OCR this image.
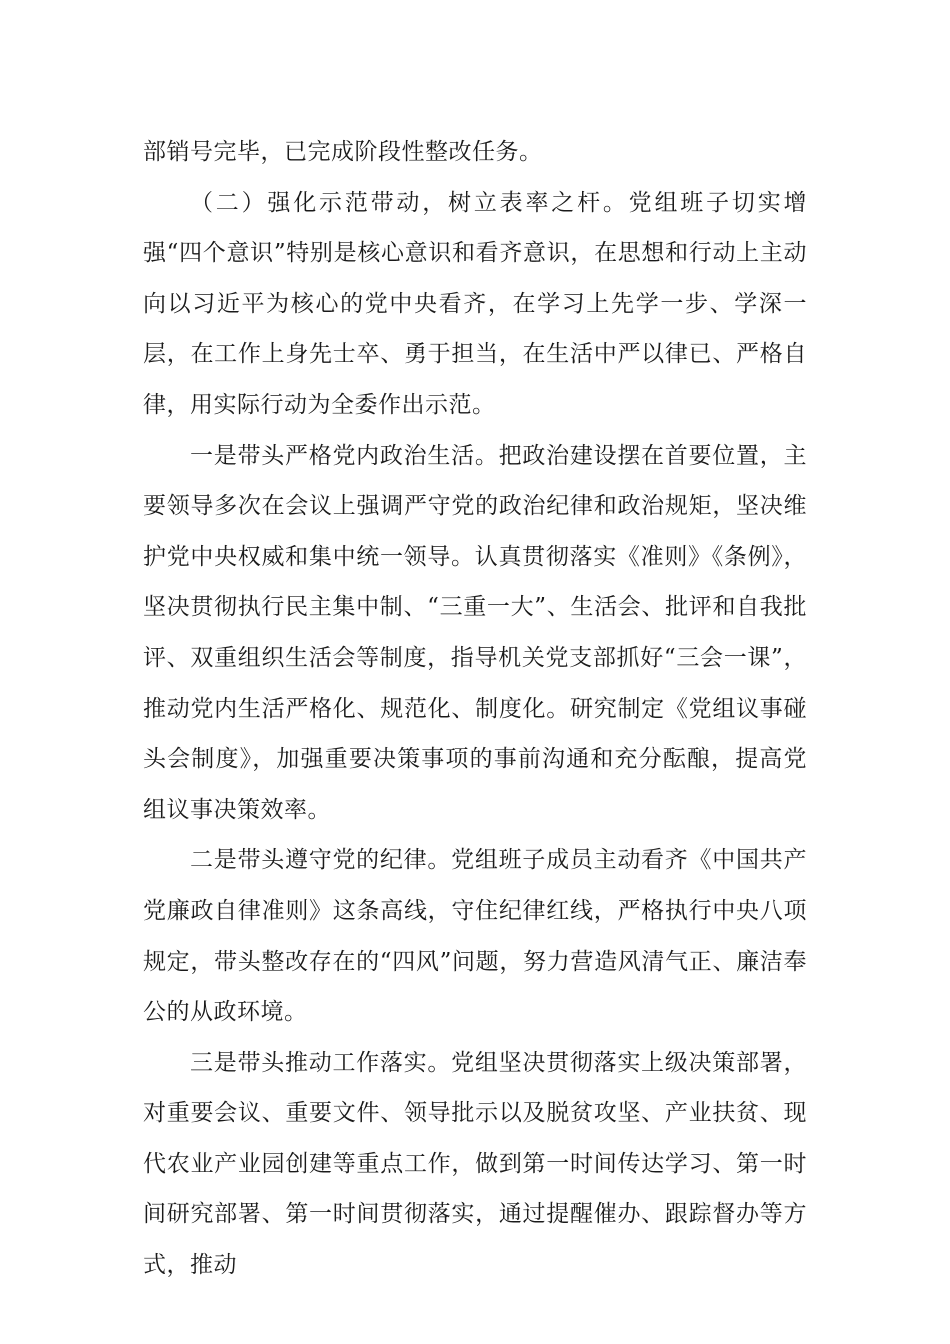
部销号完毕，已完成阶段性整改任务。

（二）强化示范带动，树立表率之杆。党组班子切实增强“四个意识”特别是核心意识和看齐意识，在思想和行动上主动向以习近平为核心的党中央看齐，在学习上先学一步、学深一层，在工作上身先士卒、勇于担当，在生活中严以律已、严格自律，用实际行动为全委作出示范。

一是带头严格党内政治生活。把政治建设摆在首要位置，主要领导多次在会议上强调严守党的政治纪律和政治规矩，坚决维护党中央权威和集中统一领导。认真贯彻落实《准则》《条例》，坚决贯彻执行民主集中制、“三重一大”、生活会、批评和自我批评、双重组织生活会等制度，指导机关党支部抓好“三会一课”，推动党内生活严格化、规范化、制度化。研究制定《党组议事碰头会制度》，加强重要决策事项的事前沟通和充分酝酿，提高党组议事决策效率。

二是带头遵守党的纪律。党组班子成员主动看齐《中国共产党廉政自律准则》这条高线，守住纪律红线，严格执行中央八项规定，带头整改存在的“四风”问题，努力营造风清气正、廉洁奉公的从政环境。

三是带头推动工作落实。党组坚决贯彻落实上级决策部署，对重要会议、重要文件、领导批示以及脱贫攻坚、产业扶贫、现代农业产业园创建等重点工作，做到第一时间传达学习、第一时间研究部署、第一时间贯彻落实，通过提醒催办、跟踪督办等方式，推动
